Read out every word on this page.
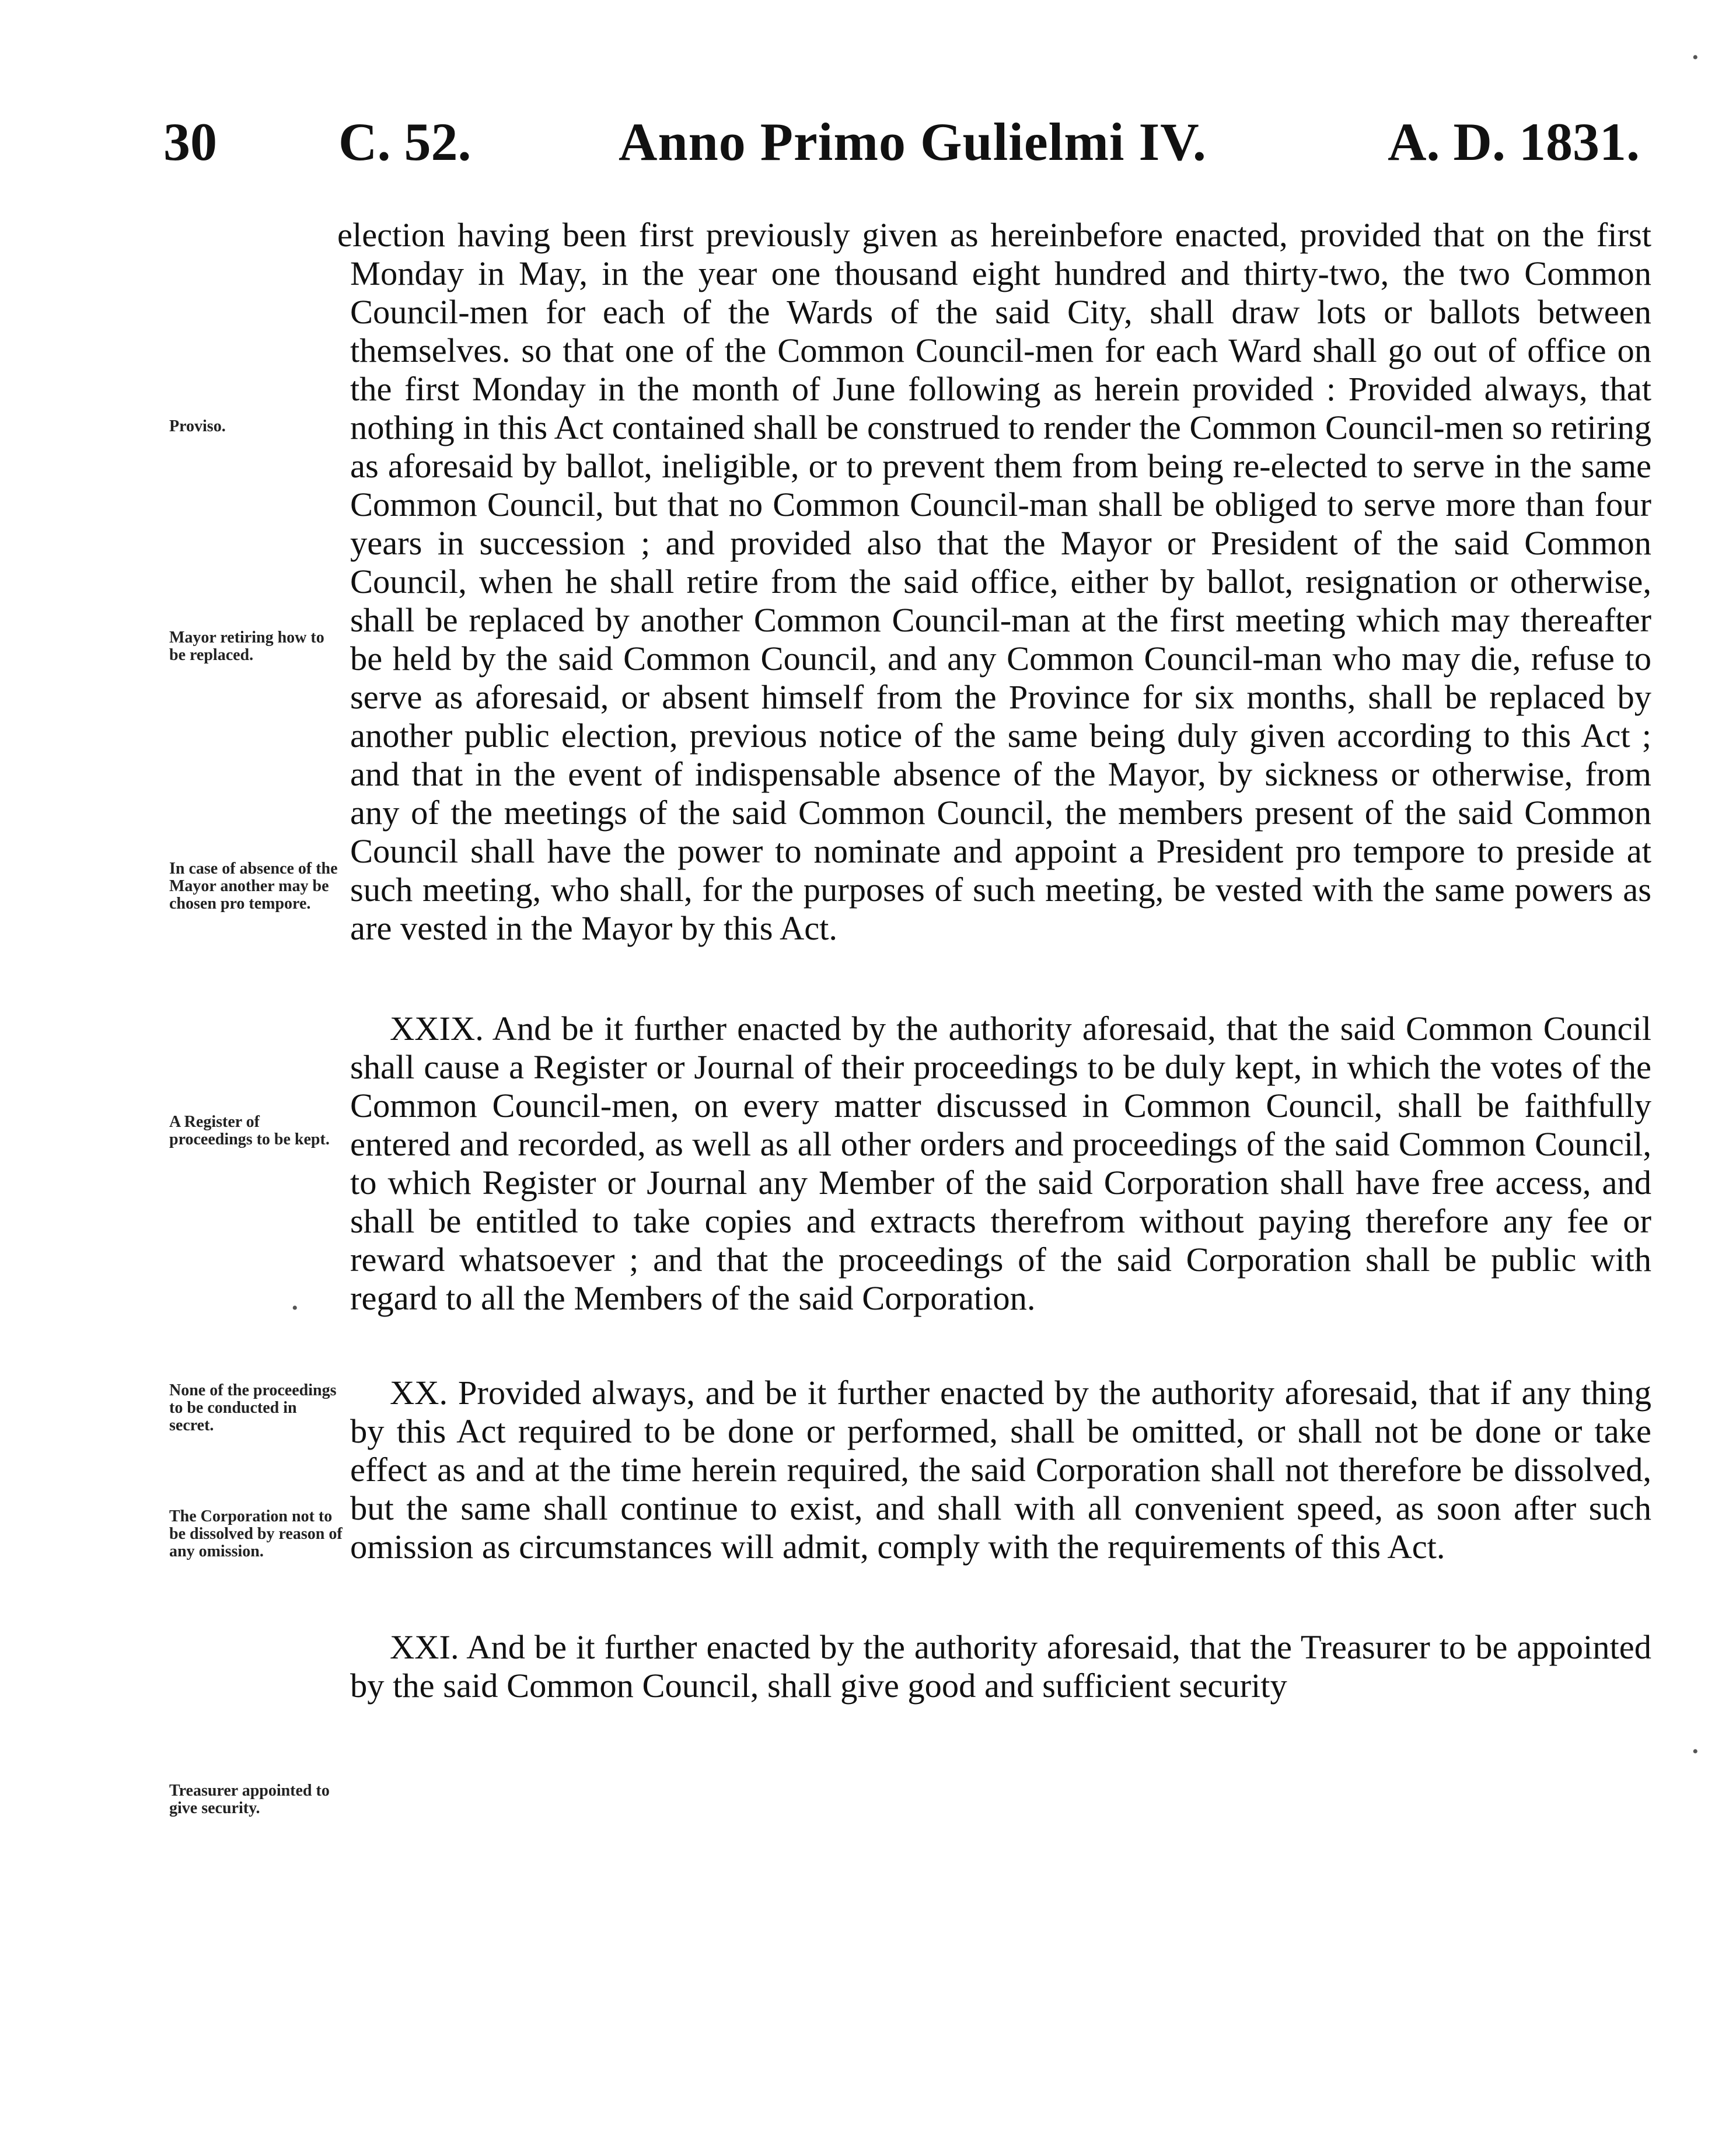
30 C. 52.	Anno Primo Gulielmi IV.	A. D. 1831.
Proviso.
Mayor retiring how to be replaced.
In case of absence of the Mayor another may be chosen pro tempore.
A Register of proceedings to be kept.
None of the proceedings to be conducted in secret.
The Corporation not to be dissolved by reason of any omission.
Treasurer appointed to give security.

election having been first previously given as hereinbefore enacted, provided that on the first Monday in May, in the year one thousand eight hundred and thirty-two, the two Common Council-men for each of the Wards of the said City, shall draw lots or ballots between themselves. so that one of the Common Council-men for each Ward shall go out of office on the first Monday in the month of June following as herein provided : Provided always, that nothing in this Act contained shall be construed to render the Common Council-men so retiring as aforesaid by ballot, ineligible, or to prevent them from being re-elected to serve in the same Common Council, but that no Common Council-man shall be obliged to serve more than four years in succession ; and provided also that the Mayor or President of the said Common Council, when he shall retire from the said office, either by ballot, resignation or otherwise, shall be replaced by another Common Council-man at the first meeting which may thereafter be held by the said Common Council, and any Common Council-man who may die, refuse to serve as aforesaid, or absent himself from the Province for six months, shall be replaced by another public election, previous notice of the same being duly given according to this Act ; and that in the event of indispensable absence of the Mayor, by sickness or otherwise, from any of the meetings of the said Common Council, the members present of the said Common Council shall have the power to nominate and appoint a President pro tempore to preside at such meeting, who shall, for the purposes of such meeting, be vested with the same powers as are vested in the Mayor by this Act.

XXIX. And be it further enacted by the authority aforesaid, that the said Common Council shall cause a Register or Journal of their proceedings to be duly kept, in which the votes of the Common Council-men, on every matter discussed in Common Council, shall be faithfully entered and recorded, as well as all other orders and proceedings of the said Common Council, to which Register or Journal any Member of the said Corporation shall have free access, and shall be entitled to take copies and extracts therefrom without paying therefore any fee or reward whatsoever ; and that the proceedings of the said Corporation shall be public with regard to all the Members of the said Corporation.

XX. Provided always, and be it further enacted by the authority aforesaid, that if any thing by this Act required to be done or performed, shall be omitted, or shall not be done or take effect as and at the time herein required, the said Corporation shall not therefore be dissolved, but the same shall continue to exist, and shall with all convenient speed, as soon after such omission as circumstances will admit, comply with the requirements of this Act.

XXI. And be it further enacted by the authority aforesaid, that the Treasurer to be appointed by the said Common Council, shall give good and sufficient security

•
•
•
